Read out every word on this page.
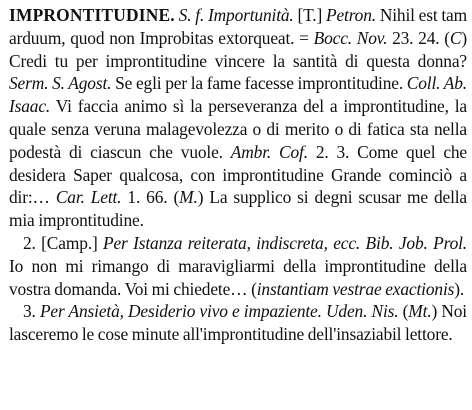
IMPRONTITUDINE. S. f. Importunità. [T.] Petron. Nihil est tam arduum, quod non Improbitas extorqueat. = Bocc. Nov. 23. 24. (C) Credi tu per improntitudine vincere la santità di questa donna? Serm. S. Agost. Se egli per la fame facesse improntitudine. Coll. Ab. Isaac. Vi faccia animo sì la perseveranza del a improntitudine, la quale senza veruna malagevolezza o di merito o di fatica sta nella podestà di ciascun che vuole. Ambr. Cof. 2. 3. Come quel che desidera Saper qualcosa, con improntitudine Grande cominciò a dir:… Car. Lett. 1. 66. (M.) La supplico si degni scusar me della mia improntitudine.

2. [Camp.] Per Istanza reiterata, indiscreta, ecc. Bib. Job. Prol. Io non mi rimango di maravigliarmi della improntitudine della vostra domanda. Voi mi chiedete… (instantiam vestrae exactionis).

3. Per Ansietà, Desiderio vivo e impaziente. Uden. Nis. (Mt.) Noi lasceremo le cose minute all'improntitudine dell'insaziabil lettore.
